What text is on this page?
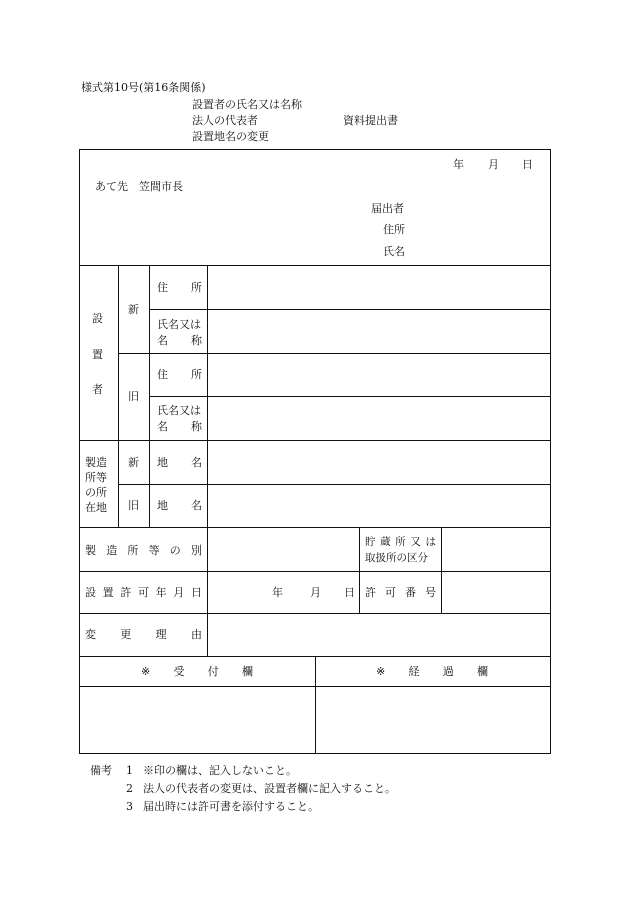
様式第10号(第16条関係)
設置者の氏名又は名称
法人の代表者
設置地名の変更
資料提出書
年 月 日
あて先　笠間市長
届出者
住所
氏名
設
置
者
新
旧
住 所
氏名又は
名 称
住 所
氏名又は
名 称
製造
所等
の所
在地
新
旧
地 名
地 名
製 造 所 等 の 別
貯 蔵 所 又 は
取扱所の区分
設 置 許 可 年 月 日	年 月 日 許 可 番 号
変 更 理 由
※ 受 付 欄	※ 経 過 欄
備考 1 ※印の欄は、記入しないこと。
2 法人の代表者の変更は、設置者欄に記入すること。
3 届出時には許可書を添付すること。
